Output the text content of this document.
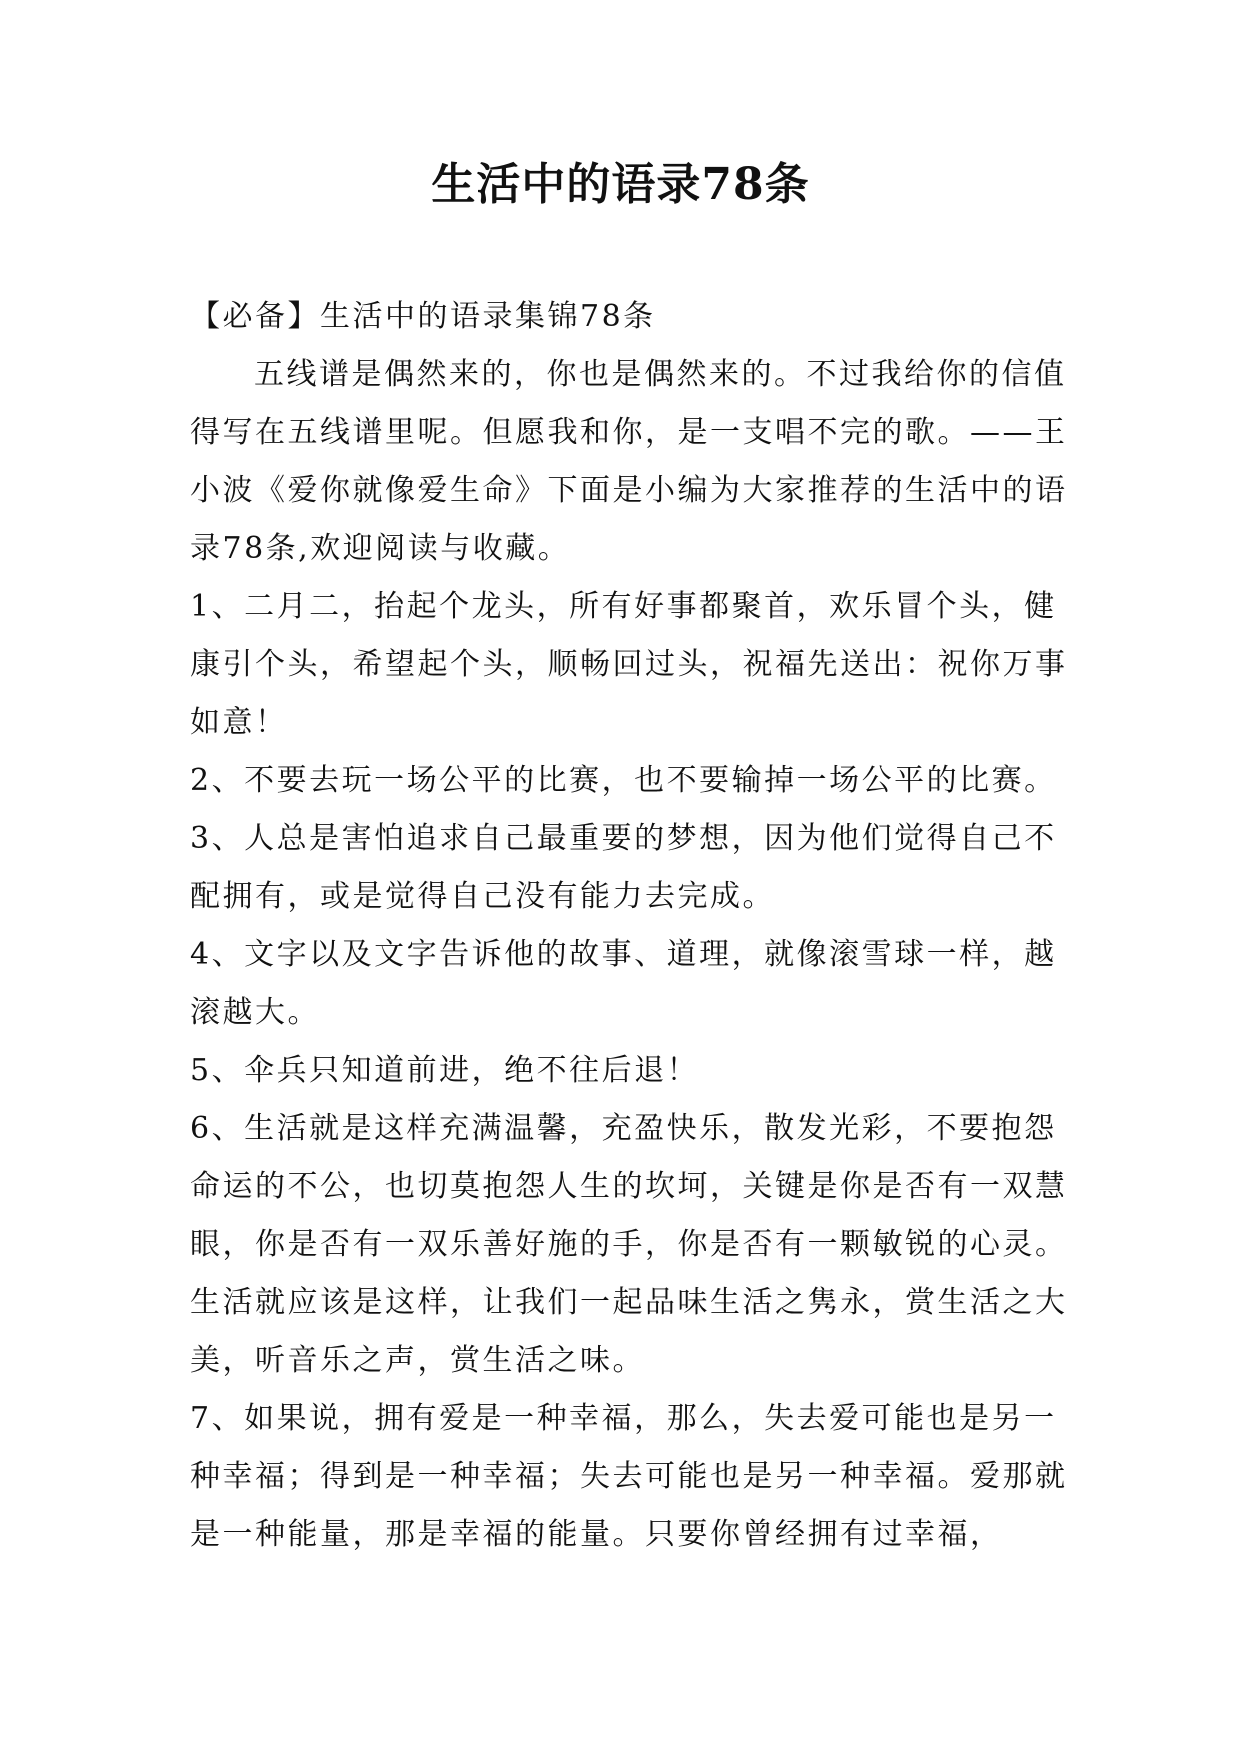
生活中的语录78条

【必备】生活中的语录集锦78条

五线谱是偶然来的，你也是偶然来的。不过我给你的信值得写在五线谱里呢。但愿我和你，是一支唱不完的歌。——王小波《爱你就像爱生命》下面是小编为大家推荐的生活中的语录78条,欢迎阅读与收藏。

1、二月二，抬起个龙头，所有好事都聚首，欢乐冒个头，健康引个头，希望起个头，顺畅回过头，祝福先送出：祝你万事如意！

2、不要去玩一场公平的比赛，也不要输掉一场公平的比赛。

3、人总是害怕追求自己最重要的梦想，因为他们觉得自己不配拥有，或是觉得自己没有能力去完成。

4、文字以及文字告诉他的故事、道理，就像滚雪球一样，越滚越大。

5、伞兵只知道前进，绝不往后退！

6、生活就是这样充满温馨，充盈快乐，散发光彩，不要抱怨命运的不公，也切莫抱怨人生的坎坷，关键是你是否有一双慧眼，你是否有一双乐善好施的手，你是否有一颗敏锐的心灵。生活就应该是这样，让我们一起品味生活之隽永，赏生活之大美，听音乐之声，赏生活之味。

7、如果说，拥有爱是一种幸福，那么，失去爱可能也是另一种幸福；得到是一种幸福；失去可能也是另一种幸福。爱那就是一种能量，那是幸福的能量。只要你曾经拥有过幸福，
